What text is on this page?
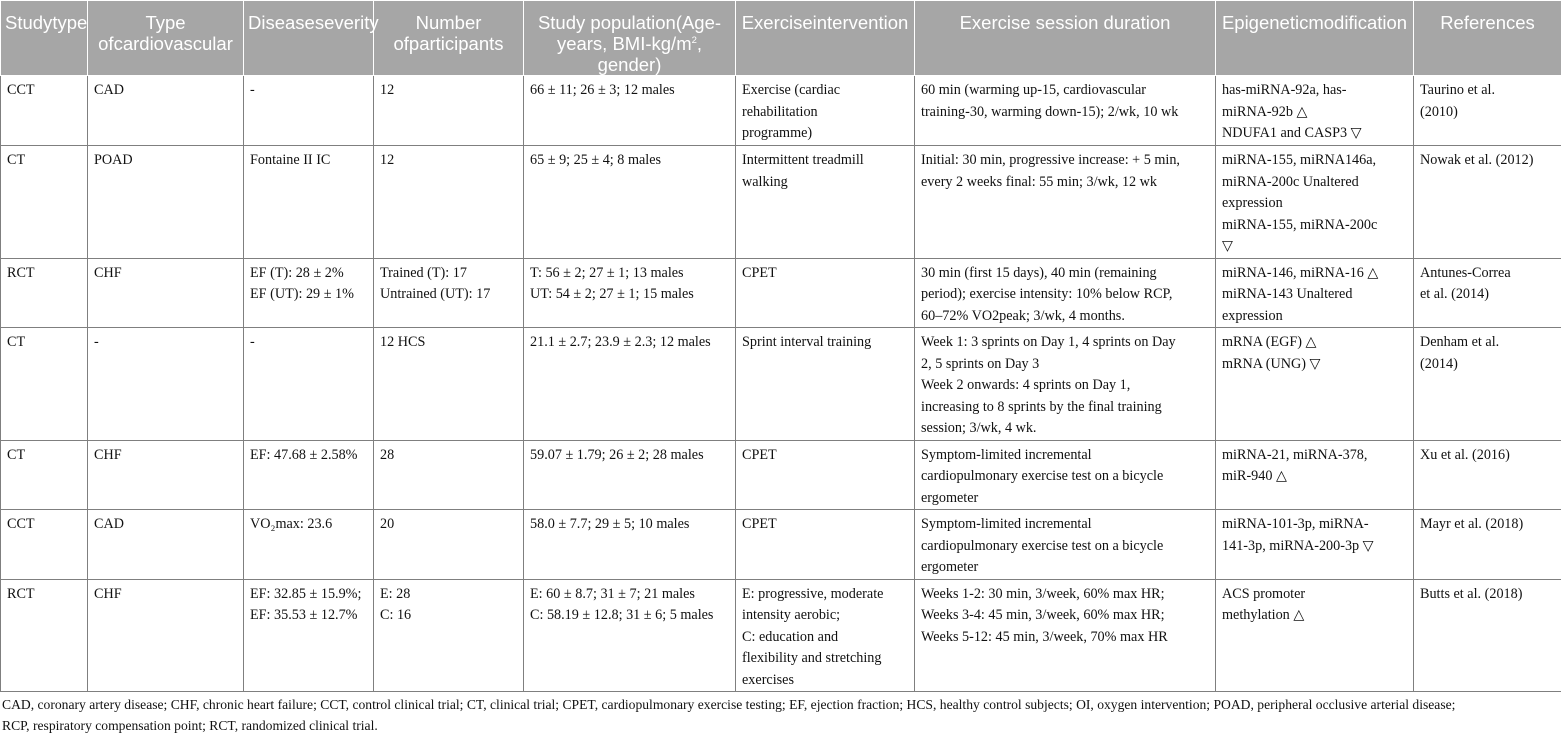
Studytype	Type ofcardiovascular	Diseaseseverity	Number ofparticipants	Study population(Age-years, BMI-$kg/m^2$, gender)	Exerciseintervention	Exercise session duration	Epigeneticmodification	References
CCT	CAD	-	12	66 ± 11; 26 ± 3; 12 males	Exercise (cardiac
rehabilitation
programme)	60 min (warming up-15, cardiovascular
training-30, warming down-15); 2/wk, 10 wk	has-miRNA-92a, has-
miRNA-92b △
NDUFA1 and CASP3 ▽	Taurino et al.
(2010)

CT	POAD	Fontaine II IC	12	65 ± 9; 25 ± 4; 8 males	Intermittent treadmill
walking	Initial: 30 min, progressive increase: + 5 min,
every 2 weeks final: 55 min; 3/wk, 12 wk	miRNA-155, miRNA146a,
miRNA-200c Unaltered
expression
miRNA-155, miRNA-200c
▽	Nowak et al. (2012)

RCT	CHF	EF (T): 28 ± 2%
EF (UT): 29 ± 1%	Trained (T): 17
Untrained (UT): 17	T: 56 ± 2; 27 ± 1; 13 males
UT: 54 ± 2; 27 ± 1; 15 males	CPET	30 min (first 15 days), 40 min (remaining
period); exercise intensity: 10% below RCP,
60–72% VO2peak; 3/wk, 4 months.	miRNA-146, miRNA-16 △
miRNA-143 Unaltered
expression	Antunes-Correa
et al. (2014)

CT	-	-	12 HCS	21.1 ± 2.7; 23.9 ± 2.3; 12 males	Sprint interval training	Week 1: 3 sprints on Day 1, 4 sprints on Day
2, 5 sprints on Day 3
Week 2 onwards: 4 sprints on Day 1,
increasing to 8 sprints by the final training
session; 3/wk, 4 wk.	mRNA (EGF) △
mRNA (UNG) ▽	Denham et al.
(2014)

CT	CHF	EF: 47.68 ± 2.58%	28	59.07 ± 1.79; 26 ± 2; 28 males	CPET	Symptom-limited incremental
cardiopulmonary exercise test on a bicycle
ergometer	miRNA-21, miRNA-378,
miR-940 △	Xu et al. (2016)

CCT	CAD	VO₂max: 23.6	20	58.0 ± 7.7; 29 ± 5; 10 males	CPET	Symptom-limited incremental
cardiopulmonary exercise test on a bicycle
ergometer	miRNA-101-3p, miRNA-
141-3p, miRNA-200-3p ▽	Mayr et al. (2018)

RCT	CHF	EF: 32.85 ± 15.9%;
EF: 35.53 ± 12.7%	E: 28
C: 16	E: 60 ± 8.7; 31 ± 7; 21 males
C: 58.19 ± 12.8; 31 ± 6; 5 males	E: progressive, moderate
intensity aerobic;
C: education and
flexibility and stretching
exercises	Weeks 1-2: 30 min, 3/week, 60% max HR;
Weeks 3-4: 45 min, 3/week, 60% max HR;
Weeks 5-12: 45 min, 3/week, 70% max HR	ACS promoter
methylation △	Butts et al. (2018)
CAD, coronary artery disease; CHF, chronic heart failure; CCT, control clinical trial; CT, clinical trial; CPET, cardiopulmonary exercise testing; EF, ejection fraction; HCS, healthy control subjects; OI, oxygen intervention; POAD, peripheral occlusive arterial disease;
RCP, respiratory compensation point; RCT, randomized clinical trial.
